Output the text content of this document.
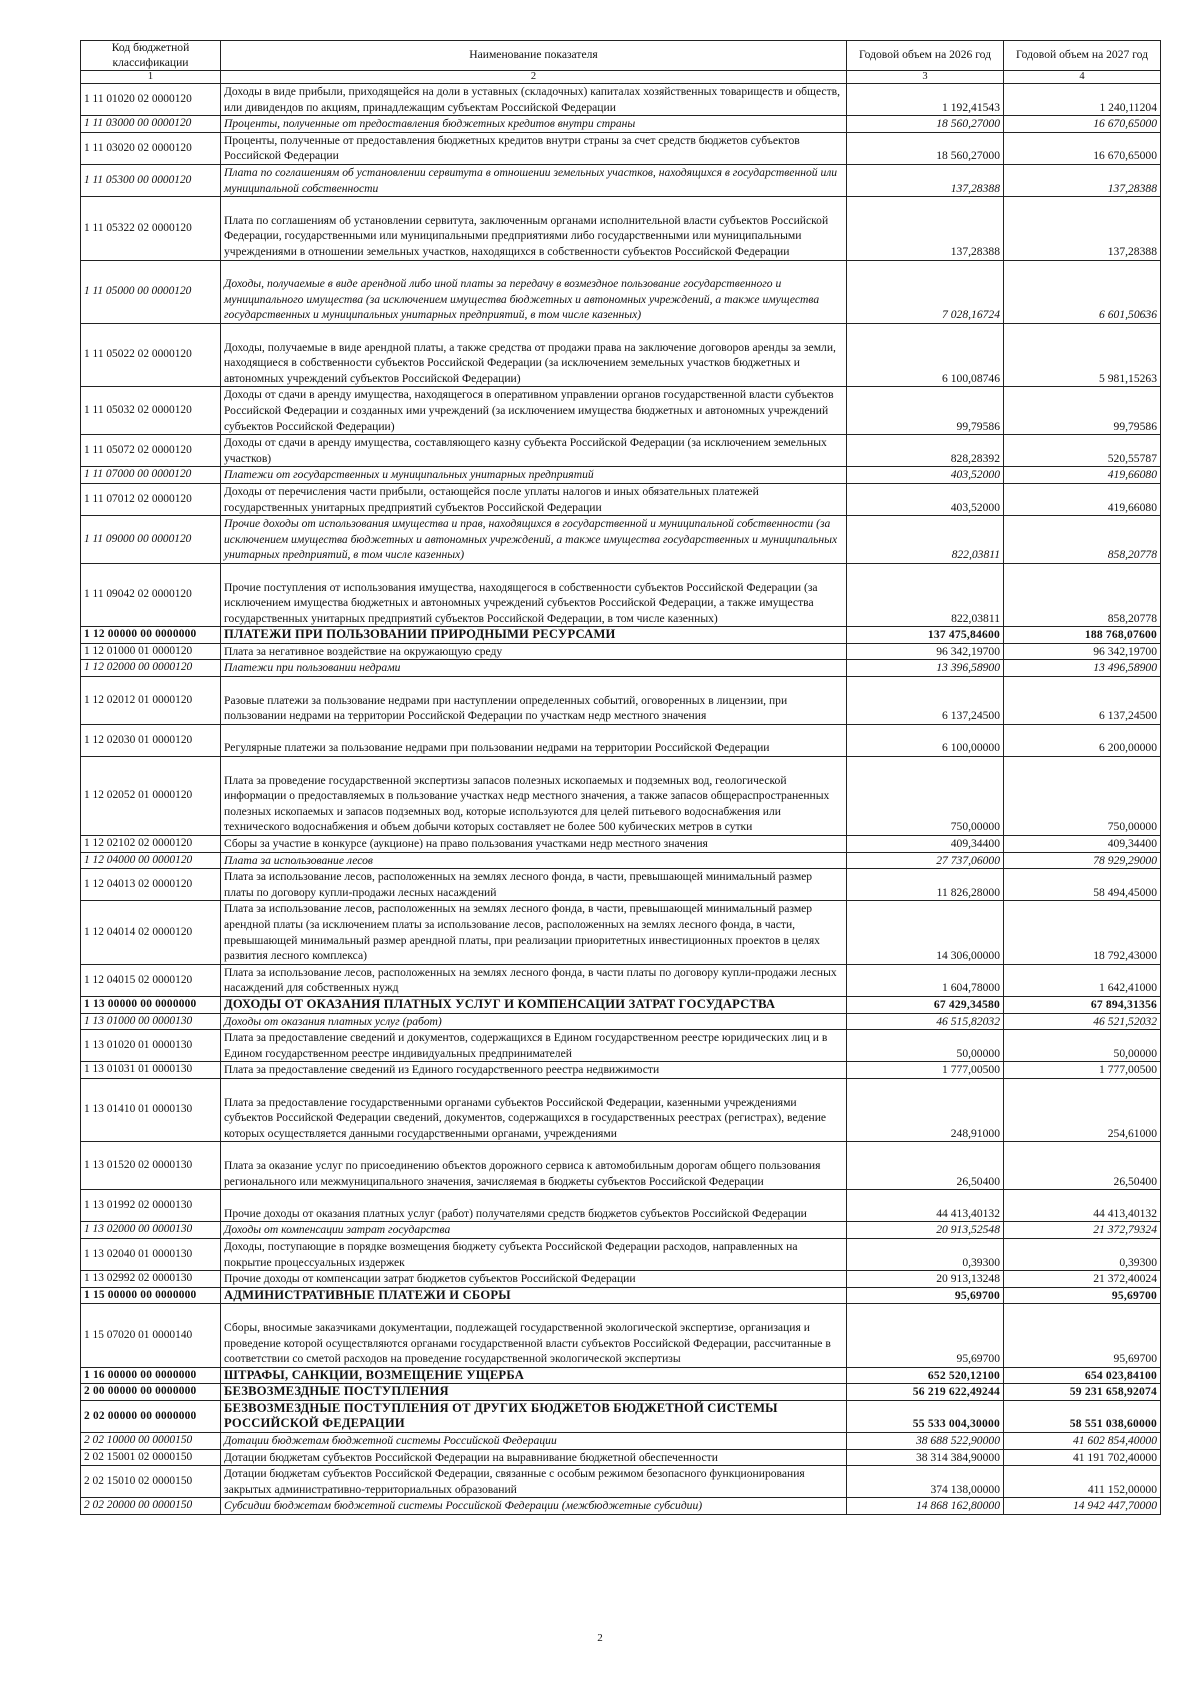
Код бюджетной классификации	Наименование показателя	Годовой объем на 2026 год	Годовой объем на 2027 год
1	2	3	4
1 11 01020 02 0000120	Доходы в виде прибыли, приходящейся на доли в уставных (складочных) капиталах хозяйственных товариществ и обществ, или дивидендов по акциям, принадлежащим субъектам Российской Федерации	1 192,41543	1 240,11204
1 11 03000 00 0000120	Проценты, полученные от предоставления бюджетных кредитов внутри страны	18 560,27000	16 670,65000
1 11 03020 02 0000120	Проценты, полученные от предоставления бюджетных кредитов внутри страны за счет средств бюджетов субъектов Российской Федерации	18 560,27000	16 670,65000
1 11 05300 00 0000120	Плата по соглашениям об установлении сервитута в отношении земельных участков, находящихся в государственной или муниципальной собственности	137,28388	137,28388
1 11 05322 02 0000120	Плата по соглашениям об установлении сервитута, заключенным органами исполнительной власти субъектов Российской Федерации, государственными или муниципальными предприятиями либо государственными или муниципальными учреждениями в отношении земельных участков, находящихся в собственности субъектов Российской Федерации	137,28388	137,28388
1 11 05000 00 0000120	Доходы, получаемые в виде арендной либо иной платы за передачу в возмездное пользование государственного и муниципального имущества (за исключением имущества бюджетных и автономных учреждений, а также имущества государственных и муниципальных унитарных предприятий, в том числе казенных)	7 028,16724	6 601,50636
1 11 05022 02 0000120	Доходы, получаемые в виде арендной платы, а также средства от продажи права на заключение договоров аренды за земли, находящиеся в собственности субъектов Российской Федерации (за исключением земельных участков бюджетных и автономных учреждений субъектов Российской Федерации)	6 100,08746	5 981,15263
1 11 05032 02 0000120	Доходы от сдачи в аренду имущества, находящегося в оперативном управлении органов государственной власти субъектов Российской Федерации и созданных ими учреждений (за исключением имущества бюджетных и автономных учреждений субъектов Российской Федерации)	99,79586	99,79586
1 11 05072 02 0000120	Доходы от сдачи в аренду имущества, составляющего казну субъекта Российской Федерации (за исключением земельных участков)	828,28392	520,55787
1 11 07000 00 0000120	Платежи от государственных и муниципальных унитарных предприятий	403,52000	419,66080
1 11 07012 02 0000120	Доходы от перечисления части прибыли, остающейся после уплаты налогов и иных обязательных платежей государственных унитарных предприятий субъектов Российской Федерации	403,52000	419,66080
1 11 09000 00 0000120	Прочие доходы от использования имущества и прав, находящихся в государственной и муниципальной собственности (за исключением имущества бюджетных и автономных учреждений, а также имущества государственных и муниципальных унитарных предприятий, в том числе казенных)	822,03811	858,20778
1 11 09042 02 0000120	Прочие поступления от использования имущества, находящегося в собственности субъектов Российской Федерации (за исключением имущества бюджетных и автономных учреждений субъектов Российской Федерации, а также имущества государственных унитарных предприятий субъектов Российской Федерации, в том числе казенных)	822,03811	858,20778
1 12 00000 00 0000000	ПЛАТЕЖИ ПРИ ПОЛЬЗОВАНИИ ПРИРОДНЫМИ РЕСУРСАМИ	137 475,84600	188 768,07600
1 12 01000 01 0000120	Плата за негативное воздействие на окружающую среду	96 342,19700	96 342,19700
1 12 02000 00 0000120	Платежи при пользовании недрами	13 396,58900	13 496,58900
1 12 02012 01 0000120	Разовые платежи за пользование недрами при наступлении определенных событий, оговоренных в лицензии, при пользовании недрами на территории Российской Федерации по участкам недр местного значения	6 137,24500	6 137,24500
1 12 02030 01 0000120	Регулярные платежи за пользование недрами при пользовании недрами на территории Российской Федерации	6 100,00000	6 200,00000
1 12 02052 01 0000120	Плата за проведение государственной экспертизы запасов полезных ископаемых и подземных вод, геологической информации о предоставляемых в пользование участках недр местного значения, а также запасов общераспространенных полезных ископаемых и запасов подземных вод, которые используются для целей питьевого водоснабжения или технического водоснабжения и объем добычи которых составляет не более 500 кубических метров в сутки	750,00000	750,00000
1 12 02102 02 0000120	Сборы за участие в конкурсе (аукционе) на право пользования участками недр местного значения	409,34400	409,34400
1 12 04000 00 0000120	Плата за использование лесов	27 737,06000	78 929,29000
1 12 04013 02 0000120	Плата за использование лесов, расположенных на землях лесного фонда, в части, превышающей минимальный размер платы по договору купли-продажи лесных насаждений	11 826,28000	58 494,45000
1 12 04014 02 0000120	Плата за использование лесов, расположенных на землях лесного фонда, в части, превышающей минимальный размер арендной платы (за исключением платы за использование лесов, расположенных на землях лесного фонда, в части, превышающей минимальный размер арендной платы, при реализации приоритетных инвестиционных проектов в целях развития лесного комплекса)	14 306,00000	18 792,43000
1 12 04015 02 0000120	Плата за использование лесов, расположенных на землях лесного фонда, в части платы по договору купли-продажи лесных насаждений для собственных нужд	1 604,78000	1 642,41000
1 13 00000 00 0000000	ДОХОДЫ ОТ ОКАЗАНИЯ ПЛАТНЫХ УСЛУГ И КОМПЕНСАЦИИ ЗАТРАТ ГОСУДАРСТВА	67 429,34580	67 894,31356
1 13 01000 00 0000130	Доходы от оказания платных услуг (работ)	46 515,82032	46 521,52032
1 13 01020 01 0000130	Плата за предоставление сведений и документов, содержащихся в Едином государственном реестре юридических лиц и в Едином государственном реестре индивидуальных предпринимателей	50,00000	50,00000
1 13 01031 01 0000130	Плата за предоставление сведений из Единого государственного реестра недвижимости	1 777,00500	1 777,00500
1 13 01410 01 0000130	Плата за предоставление государственными органами субъектов Российской Федерации, казенными учреждениями субъектов Российской Федерации сведений, документов, содержащихся в государственных реестрах (регистрах), ведение которых осуществляется данными государственными органами, учреждениями	248,91000	254,61000
1 13 01520 02 0000130	Плата за оказание услуг по присоединению объектов дорожного сервиса к автомобильным дорогам общего пользования регионального или межмуниципального значения, зачисляемая в бюджеты субъектов Российской Федерации	26,50400	26,50400
1 13 01992 02 0000130	Прочие доходы от оказания платных услуг (работ) получателями средств бюджетов субъектов Российской Федерации	44 413,40132	44 413,40132
1 13 02000 00 0000130	Доходы от компенсации затрат государства	20 913,52548	21 372,79324
1 13 02040 01 0000130	Доходы, поступающие в порядке возмещения бюджету субъекта Российской Федерации расходов, направленных на покрытие процессуальных издержек	0,39300	0,39300
1 13 02992 02 0000130	Прочие доходы от компенсации затрат бюджетов субъектов Российской Федерации	20 913,13248	21 372,40024
1 15 00000 00 0000000	АДМИНИСТРАТИВНЫЕ ПЛАТЕЖИ И СБОРЫ	95,69700	95,69700
1 15 07020 01 0000140	Сборы, вносимые заказчиками документации, подлежащей государственной экологической экспертизе, организация и проведение которой осуществляются органами государственной власти субъектов Российской Федерации, рассчитанные в соответствии со сметой расходов на проведение государственной экологической экспертизы	95,69700	95,69700
1 16 00000 00 0000000	ШТРАФЫ, САНКЦИИ, ВОЗМЕЩЕНИЕ УЩЕРБА	652 520,12100	654 023,84100
2 00 00000 00 0000000	БЕЗВОЗМЕЗДНЫЕ ПОСТУПЛЕНИЯ	56 219 622,49244	59 231 658,92074
2 02 00000 00 0000000	БЕЗВОЗМЕЗДНЫЕ ПОСТУПЛЕНИЯ ОТ ДРУГИХ БЮДЖЕТОВ БЮДЖЕТНОЙ СИСТЕМЫ РОССИЙСКОЙ ФЕДЕРАЦИИ	55 533 004,30000	58 551 038,60000
2 02 10000 00 0000150	Дотации бюджетам бюджетной системы Российской Федерации	38 688 522,90000	41 602 854,40000
2 02 15001 02 0000150	Дотации бюджетам субъектов Российской Федерации на выравнивание бюджетной обеспеченности	38 314 384,90000	41 191 702,40000
2 02 15010 02 0000150	Дотации бюджетам субъектов Российской Федерации, связанные с особым режимом безопасного функционирования закрытых административно-территориальных образований	374 138,00000	411 152,00000
2 02 20000 00 0000150	Субсидии бюджетам бюджетной системы Российской Федерации (межбюджетные субсидии)	14 868 162,80000	14 942 447,70000
2
